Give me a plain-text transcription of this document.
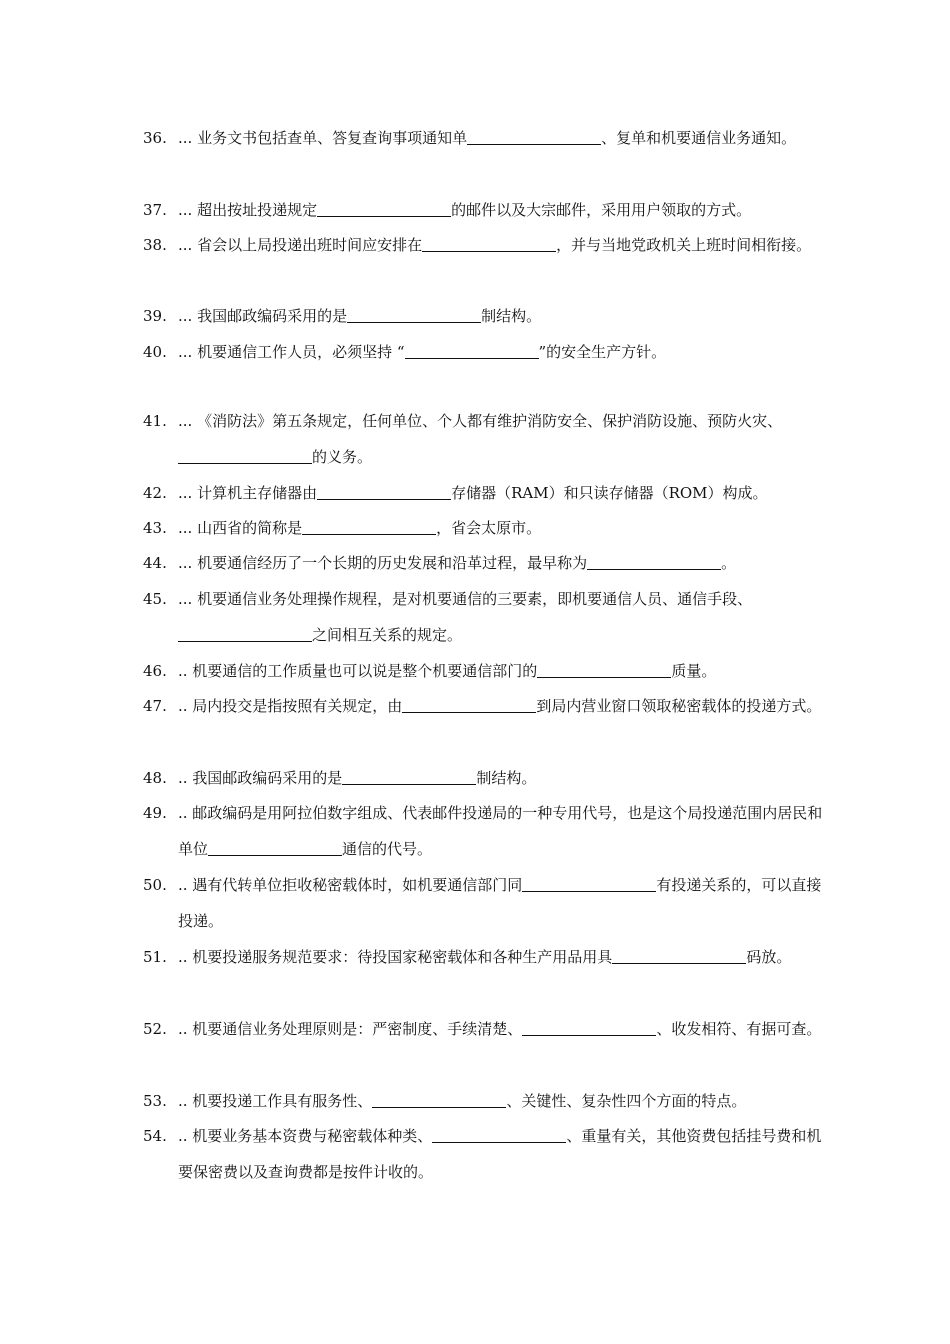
36. ... 业务文书包括查单、答复查询事项通知单	、复单和机要通信业务通知。
37. ... 超出按址投递规定	的邮件以及大宗邮件，采用用户领取的方式。
38. ... 省会以上局投递出班时间应安排在	，并与当地党政机关上班时间相衔接。
39. ... 我国邮政编码采用的是	制结构。
40. ... 机要通信工作人员，必须坚持 “	”的安全生产方针。
41. ... 《消防法》第五条规定，任何单位、个人都有维护消防安全、保护消防设施、预防火灾、的义务。
42. ... 计算机主存储器由	存储器（RAM）和只读存储器（ROM）构成。
43. ... 山西省的简称是	，省会太原市。
44. ... 机要通信经历了一个长期的历史发展和沿革过程，最早称为	。
45. ... 机要通信业务处理操作规程，是对机要通信的三要素，即机要通信人员、通信手段、之间相互关系的规定。
46. .. 机要通信的工作质量也可以说是整个机要通信部门的	质量。
47. .. 局内投交是指按照有关规定，由	到局内营业窗口领取秘密载体的投递方式。
48. .. 我国邮政编码采用的是	制结构。
49. .. 邮政编码是用阿拉伯数字组成、代表邮件投递局的一种专用代号，也是这个局投递范围内居民和单位	通信的代号。
50. .. 遇有代转单位拒收秘密载体时，如机要通信部门同	有投递关系的，可以直接投递。
51. .. 机要投递服务规范要求：待投国家秘密载体和各种生产用品用具	码放。
52. .. 机要通信业务处理原则是：严密制度、手续清楚、	、收发相符、有据可查。
53. .. 机要投递工作具有服务性、	、关键性、复杂性四个方面的特点。
54. .. 机要业务基本资费与秘密载体种类、	、重量有关，其他资费包括挂号费和机要保密费以及查询费都是按件计收的。
